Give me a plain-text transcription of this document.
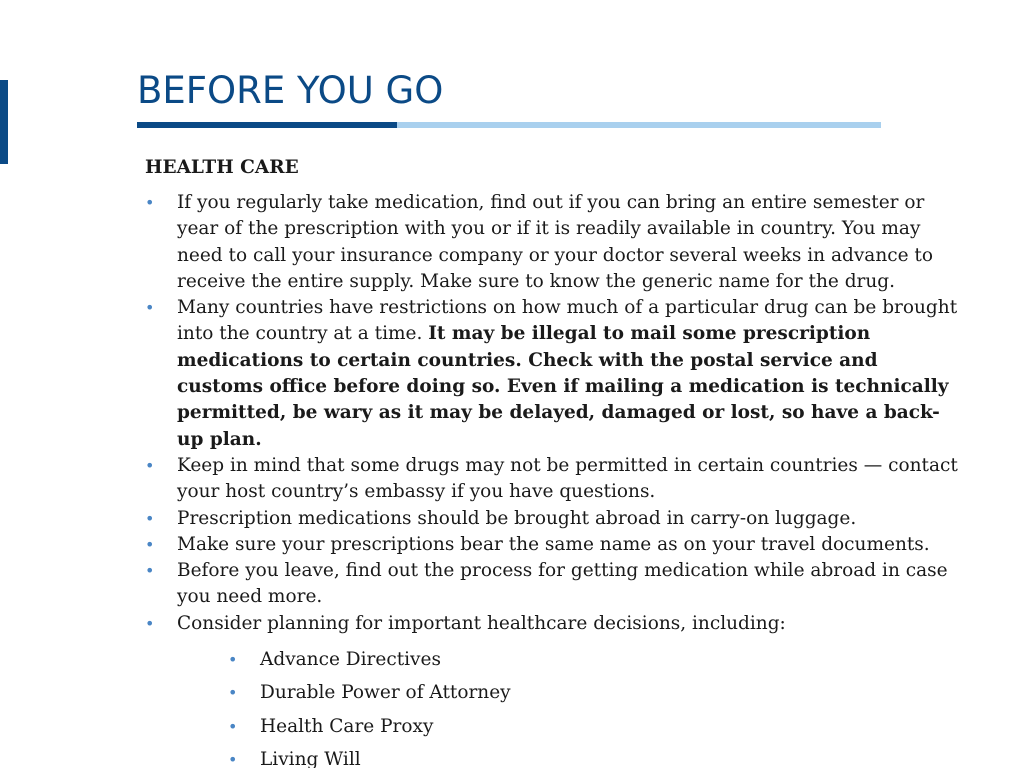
BEFORE YOU GO
HEALTH CARE
• If you regularly take medication, find out if you can bring an entire semester or year of the prescription with you or if it is readily available in country. You may need to call your insurance company or your doctor several weeks in advance to receive the entire supply. Make sure to know the generic name for the drug.
• Many countries have restrictions on how much of a particular drug can be brought into the country at a time. It may be illegal to mail some prescription medications to certain countries. Check with the postal service and customs office before doing so. Even if mailing a medication is technically permitted, be wary as it may be delayed, damaged or lost, so have a back-up plan.
• Keep in mind that some drugs may not be permitted in certain countries — contact your host country’s embassy if you have questions.
• Prescription medications should be brought abroad in carry-on luggage.
• Make sure your prescriptions bear the same name as on your travel documents.
• Before you leave, find out the process for getting medication while abroad in case you need more.
• Consider planning for important healthcare decisions, including:
• Advance Directives
• Durable Power of Attorney
• Health Care Proxy
• Living Will
